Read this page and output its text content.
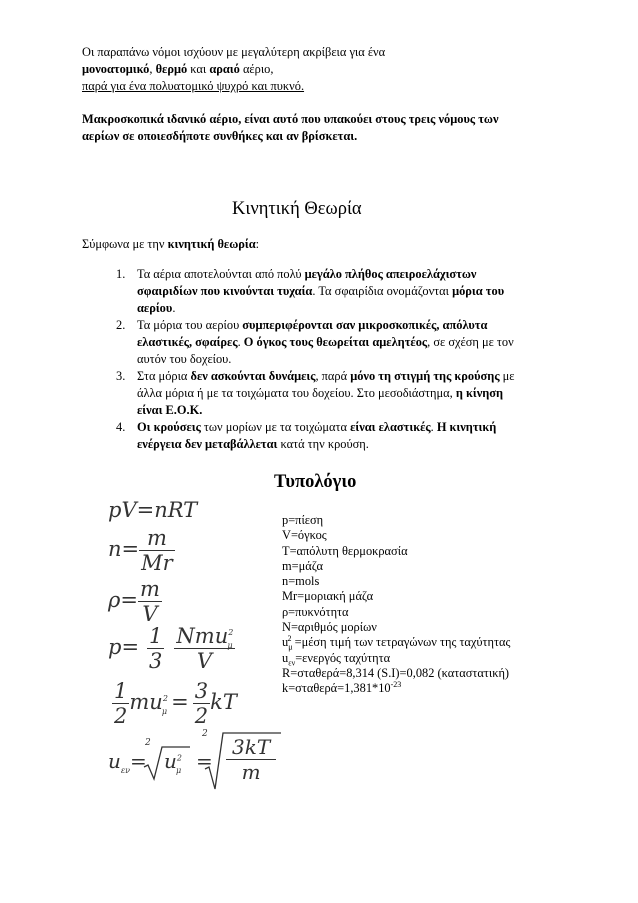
Οι παραπάνω νόμοι ισχύουν με μεγαλύτερη ακρίβεια για ένα
μονοατομικό, θερμό και αραιό αέριο,
παρά για ένα πολυατομικό ψυχρό και πυκνό.
Μακροσκοπικά ιδανικό αέριο, είναι αυτό που υπακούει στους τρεις νόμους των
αερίων σε οποιεσδήποτε συνθήκες και αν βρίσκεται.
Κινητική Θεωρία
Σύμφωνα με την κινητική θεωρία:
1. Τα αέρια αποτελούνται από πολύ μεγάλο πλήθος απειροελάχιστων
σφαιριδίων που κινούνται τυχαία. Τα σφαιρίδια ονομάζονται μόρια του
αερίου.
2. Τα μόρια του αερίου συμπεριφέρονται σαν μικροσκοπικές, απόλυτα
ελαστικές, σφαίρες. Ο όγκος τους θεωρείται αμελητέος, σε σχέση με τον
αυτόν του δοχείου.
3. Στα μόρια δεν ασκούνται δυνάμεις, παρά μόνο τη στιγμή της κρούσης με
άλλα μόρια ή με τα τοιχώματα του δοχείου. Στο μεσοδιάστημα, η κίνηση
είναι Ε.Ο.Κ.
4. Οι κρούσεις των μορίων με τα τοιχώματα είναι ελαστικές. Η κινητική
ενέργεια δεν μεταβάλλεται κατά την κρούση.
Τυπολόγιο
pV=nRT
$n= \frac{m}{Mr}$
$\rho= \frac{m}{V}$
$p= \frac{1}{3} \frac{Nmu^2_\mu}{V}$
$\frac{1}{2} mu^2_\mu = \frac{3}{2}$ kT
$u_{\varepsilon\nu}=$
2
$u^2_\mu$ =
2
$\frac{3kT}{m}$
p=πίεση
V=όγκος
T=απόλυτη θερμοκρασία
m=μάζα
n=mols
Mr=μοριακή μάζα
ρ=πυκνότητα
N=αριθμός μορίων
$u_\mu^2 =\mu έ\sigma\eta$ τιμή των τετραγώνων της ταχύτητας
$u_{\varepsilon\nu}=\varepsilon\nu\varepsilon\rho\gamma ό\varsigma$ ταχύτητα
R=σταθερά=8,314 (S.I)=0,082 (καταστατική)
$k=\sigma\tau\alpha\theta\varepsilon\rho ά=1,381*10^{-23}$
